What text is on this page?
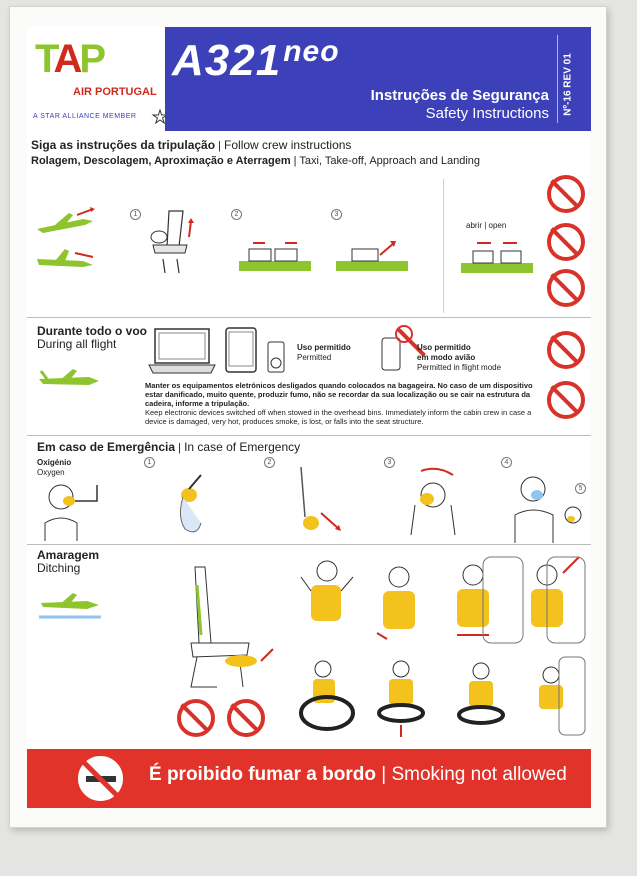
TAP
AIR PORTUGAL
A STAR ALLIANCE MEMBER
$A321^{neo}$
Instruções de Segurança
Safety Instructions Nº-16 REV 01
Siga as instruções da tripulação | Follow crew instructions
Rolagem, Descolagem, Aproximação e Aterragem | Taxi, Take-off, Approach and Landing
1	2	3
abrir | open
Durante todo o voo
During all flight	Uso permitido
Permitted
Uso permitido
em modo avião
Permitted in flight mode
Manter os equipamentos eletrónicos desligados quando colocados na bagageira. No caso de um dispositivo estar danificado, muito quente, produzir fumo, não se recordar da sua localização ou se cair na estrutura da cadeira, informe a tripulação.
Keep electronic devices switched off when stowed in the overhead bins. Immediately inform the cabin crew in case a device is damaged, very hot, produces smoke, is lost, or falls into the seat structure.
Em caso de Emergência | In case of Emergency
Oxigénio
Oxygen
1	2	3	4
5
Amaragem
Ditching
É proibido fumar a bordo | Smoking not allowed
